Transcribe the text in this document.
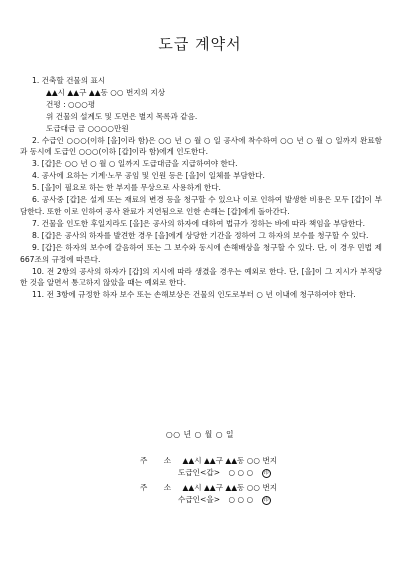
도급 계약서
1. 건축할 건물의 표시
▲▲시 ▲▲구 ▲▲동 ○○ 번지의 지상
건평 : ○○○평
위 건물의 설계도 및 도면은 별지 목록과 같음.
도급대금 금 ○○○○만원
2. 수급인 ○○○(이하 [을]이라 함)은 ○○ 년 ○ 월 ○ 일 공사에 착수하여 ○○ 년 ○ 월 ○ 일까지 완료함과 동시에 도급인 ○○○(이하 [갑]이라 함)에게 인도한다.
3. [갑]은 ○○ 년 ○ 월 ○ 일까지 도급대금을 지급하여야 한다.
4. 공사에 요하는 기계·노무 공임 및 인원 등은 [을]이 일체를 부담한다.
5. [을]이 필요로 하는 한 부지를 무상으로 사용하게 한다.
6. 공사중 [갑]은 설계 또는 재료의 변경 등을 청구할 수 있으나 이로 인하여 발생한 비용은 모두 [갑]이 부담한다. 또한 이로 인하여 공사 완료가 지연됨으로 인한 손해는 [갑]에게 돌아간다.
7. 건물을 인도한 후일지라도 [을]은 공사의 하자에 대하여 법규가 정하는 바에 따라 책임을 부담한다.
8. [갑]은 공사의 하자를 발견한 경우 [을]에게 상당한 기간을 정하여 그 하자의 보수를 청구할 수 있다.
9. [갑]은 하자의 보수에 갈음하여 또는 그 보수와 동시에 손해배상을 청구할 수 있다. 단, 이 경우 민법 제667조의 규정에 따른다.
10. 전 2항의 공사의 하자가 [갑]의 지시에 따라 생겼을 경우는 예외로 한다. 단, [을]이 그 지시가 부적당한 것을 알면서 통고하지 않았을 때는 예외로 한다.
11. 전 3항에 규정한 하자 보수 또는 손해보상은 건물의 인도로부터 ○ 년 이내에 청구하여야 한다.
○○ 년 ○ 월 ○ 일
주 소 ▲▲시 ▲▲구 ▲▲동 ○○ 번지
도급인<갑> ○ ○ ○ 印
주 소 ▲▲시 ▲▲구 ▲▲동 ○○ 번지
수급인<을> ○ ○ ○ 印
